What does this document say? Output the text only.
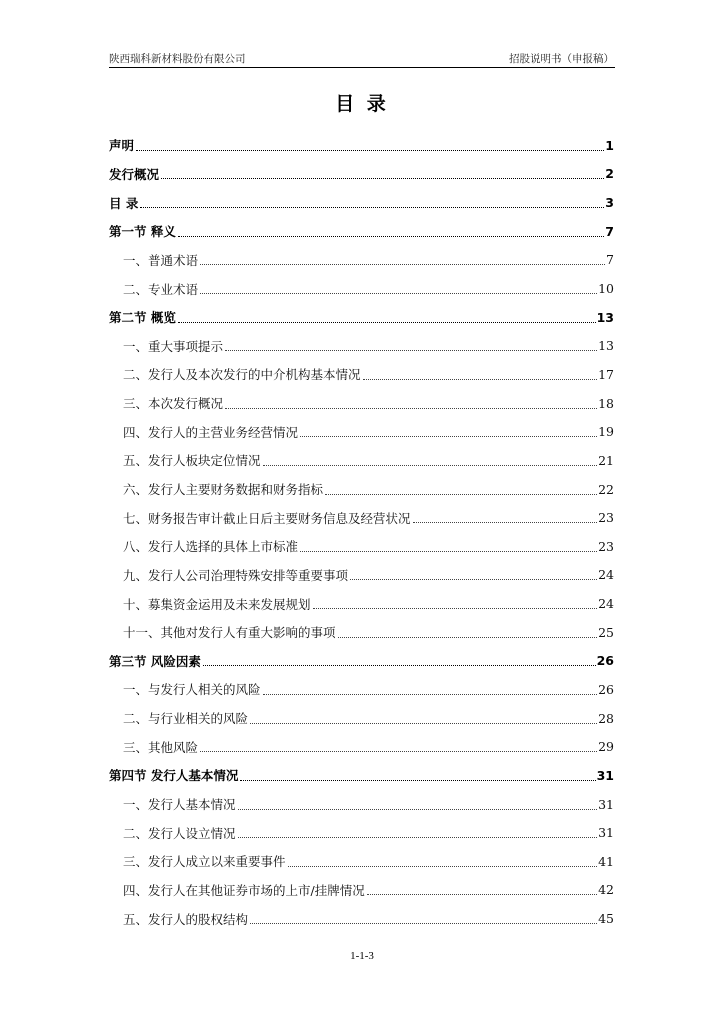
陕西瑞科新材料股份有限公司	招股说明书（申报稿）
目 录
声明	1
发行概况	2
目 录	3
第一节 释义	7
一、普通术语	7
二、专业术语	10
第二节 概览	13
一、重大事项提示	13
二、发行人及本次发行的中介机构基本情况	17
三、本次发行概况	18
四、发行人的主营业务经营情况	19
五、发行人板块定位情况	21
六、发行人主要财务数据和财务指标	22
七、财务报告审计截止日后主要财务信息及经营状况	23
八、发行人选择的具体上市标准	23
九、发行人公司治理特殊安排等重要事项	24
十、募集资金运用及未来发展规划	24
十一、其他对发行人有重大影响的事项	25
第三节 风险因素	26
一、与发行人相关的风险	26
二、与行业相关的风险	28
三、其他风险	29
第四节 发行人基本情况	31
一、发行人基本情况	31
二、发行人设立情况	31
三、发行人成立以来重要事件	41
四、发行人在其他证券市场的上市/挂牌情况	42
五、发行人的股权结构	45
1-1-3
